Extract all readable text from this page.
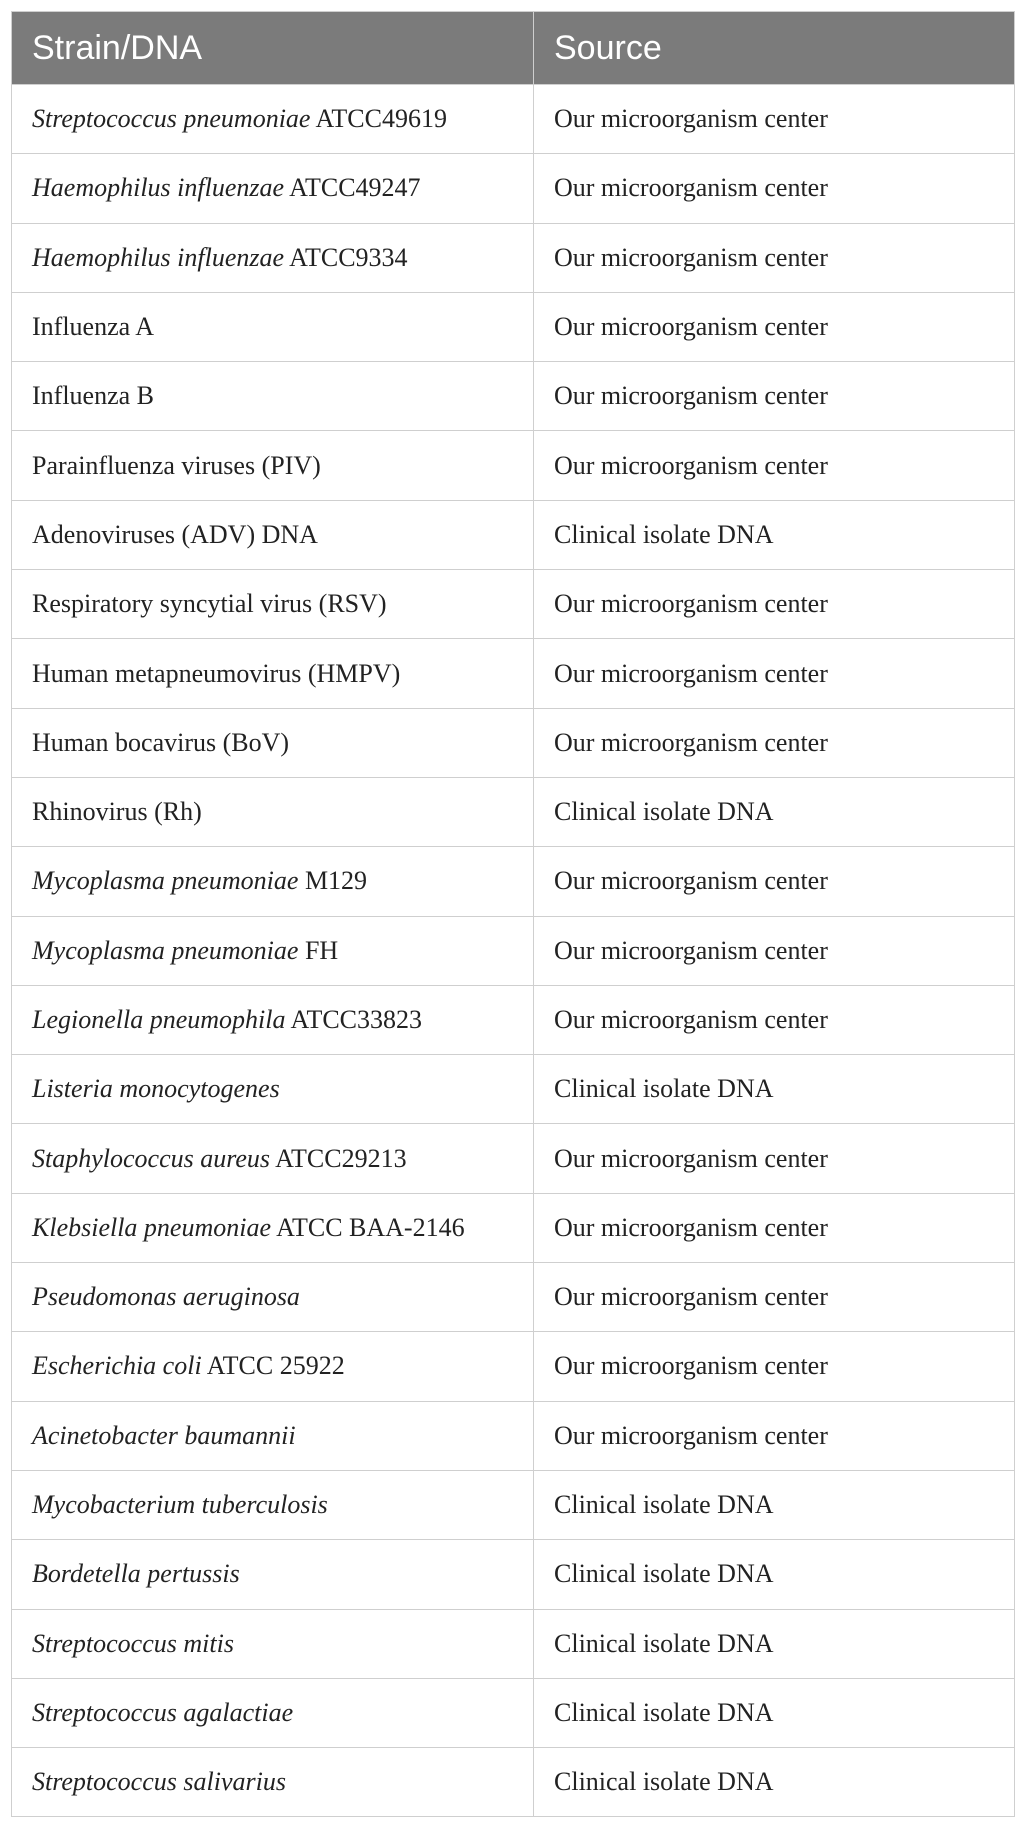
Strain/DNA	Source
Streptococcus pneumoniae ATCC49619	Our microorganism center
Haemophilus influenzae ATCC49247	Our microorganism center
Haemophilus influenzae ATCC9334	Our microorganism center
Influenza A	Our microorganism center
Influenza B	Our microorganism center
Parainfluenza viruses (PIV)	Our microorganism center
Adenoviruses (ADV) DNA	Clinical isolate DNA
Respiratory syncytial virus (RSV)	Our microorganism center
Human metapneumovirus (HMPV)	Our microorganism center
Human bocavirus (BoV)	Our microorganism center
Rhinovirus (Rh)	Clinical isolate DNA
Mycoplasma pneumoniae M129	Our microorganism center
Mycoplasma pneumoniae FH	Our microorganism center
Legionella pneumophila ATCC33823	Our microorganism center
Listeria monocytogenes	Clinical isolate DNA
Staphylococcus aureus ATCC29213	Our microorganism center
Klebsiella pneumoniae ATCC BAA-2146	Our microorganism center
Pseudomonas aeruginosa	Our microorganism center
Escherichia coli ATCC 25922	Our microorganism center
Acinetobacter baumannii	Our microorganism center
Mycobacterium tuberculosis	Clinical isolate DNA
Bordetella pertussis	Clinical isolate DNA
Streptococcus mitis	Clinical isolate DNA
Streptococcus agalactiae	Clinical isolate DNA
Streptococcus salivarius	Clinical isolate DNA
